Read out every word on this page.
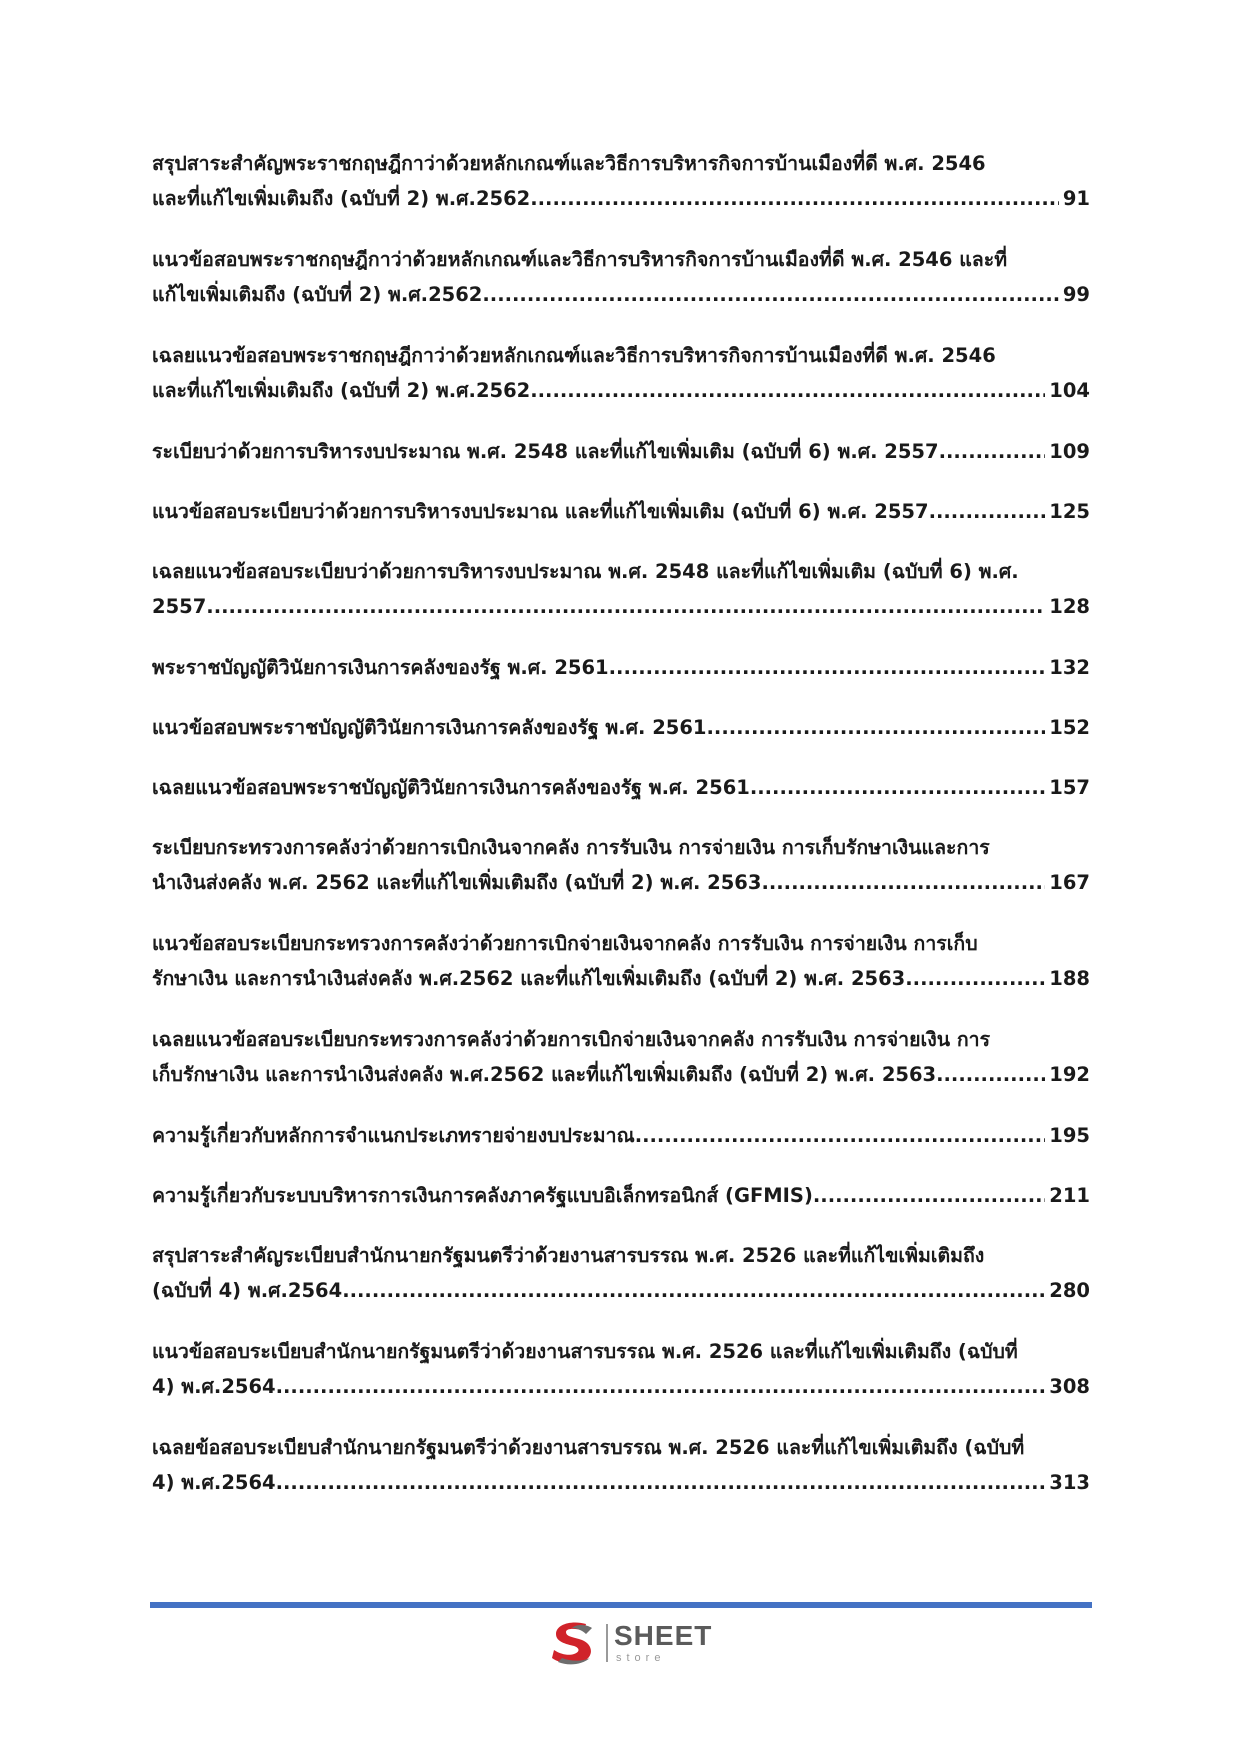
สรุปสาระสำคัญพระราชกฤษฎีกาว่าด้วยหลักเกณฑ์และวิธีการบริหารกิจการบ้านเมืองที่ดี พ.ศ. 2546
และที่แก้ไขเพิ่มเติมถึง (ฉบับที่ 2) พ.ศ.2562 .....	91
แนวข้อสอบพระราชกฤษฎีกาว่าด้วยหลักเกณฑ์และวิธีการบริหารกิจการบ้านเมืองที่ดี พ.ศ. 2546 และที่
แก้ไขเพิ่มเติมถึง (ฉบับที่ 2) พ.ศ.2562 .....	99
เฉลยแนวข้อสอบพระราชกฤษฎีกาว่าด้วยหลักเกณฑ์และวิธีการบริหารกิจการบ้านเมืองที่ดี พ.ศ. 2546
และที่แก้ไขเพิ่มเติมถึง (ฉบับที่ 2) พ.ศ.2562 .....	104
ระเบียบว่าด้วยการบริหารงบประมาณ พ.ศ. 2548 และที่แก้ไขเพิ่มเติม (ฉบับที่ 6) พ.ศ. 2557 .....	109
แนวข้อสอบระเบียบว่าด้วยการบริหารงบประมาณ และที่แก้ไขเพิ่มเติม (ฉบับที่ 6) พ.ศ. 2557 .....	125
เฉลยแนวข้อสอบระเบียบว่าด้วยการบริหารงบประมาณ พ.ศ. 2548 และที่แก้ไขเพิ่มเติม (ฉบับที่ 6) พ.ศ.
2557 .....	128
พระราชบัญญัติวินัยการเงินการคลังของรัฐ พ.ศ. 2561 .....	132
แนวข้อสอบพระราชบัญญัติวินัยการเงินการคลังของรัฐ พ.ศ. 2561 .....	152
เฉลยแนวข้อสอบพระราชบัญญัติวินัยการเงินการคลังของรัฐ พ.ศ. 2561 .....	157
ระเบียบกระทรวงการคลังว่าด้วยการเบิกเงินจากคลัง การรับเงิน การจ่ายเงิน การเก็บรักษาเงินและการ
นำเงินส่งคลัง พ.ศ. 2562 และที่แก้ไขเพิ่มเติมถึง (ฉบับที่ 2) พ.ศ. 2563 .....	167
แนวข้อสอบระเบียบกระทรวงการคลังว่าด้วยการเบิกจ่ายเงินจากคลัง การรับเงิน การจ่ายเงิน การเก็บ
รักษาเงิน และการนำเงินส่งคลัง พ.ศ.2562 และที่แก้ไขเพิ่มเติมถึง (ฉบับที่ 2) พ.ศ. 2563 .....	188
เฉลยแนวข้อสอบระเบียบกระทรวงการคลังว่าด้วยการเบิกจ่ายเงินจากคลัง การรับเงิน การจ่ายเงิน การ
เก็บรักษาเงิน และการนำเงินส่งคลัง พ.ศ.2562 และที่แก้ไขเพิ่มเติมถึง (ฉบับที่ 2) พ.ศ. 2563 .....	192
ความรู้เกี่ยวกับหลักการจำแนกประเภทรายจ่ายงบประมาณ .....	195
ความรู้เกี่ยวกับระบบบริหารการเงินการคลังภาครัฐแบบอิเล็กทรอนิกส์ (GFMIS) .....	211
สรุปสาระสำคัญระเบียบสำนักนายกรัฐมนตรีว่าด้วยงานสารบรรณ พ.ศ. 2526 และที่แก้ไขเพิ่มเติมถึง
(ฉบับที่ 4) พ.ศ.2564 .....	280
แนวข้อสอบระเบียบสำนักนายกรัฐมนตรีว่าด้วยงานสารบรรณ พ.ศ. 2526 และที่แก้ไขเพิ่มเติมถึง (ฉบับที่
4) พ.ศ.2564 .....	308
เฉลยข้อสอบระเบียบสำนักนายกรัฐมนตรีว่าด้วยงานสารบรรณ พ.ศ. 2526 และที่แก้ไขเพิ่มเติมถึง (ฉบับที่
4) พ.ศ.2564 .....	313
SHEET
store
